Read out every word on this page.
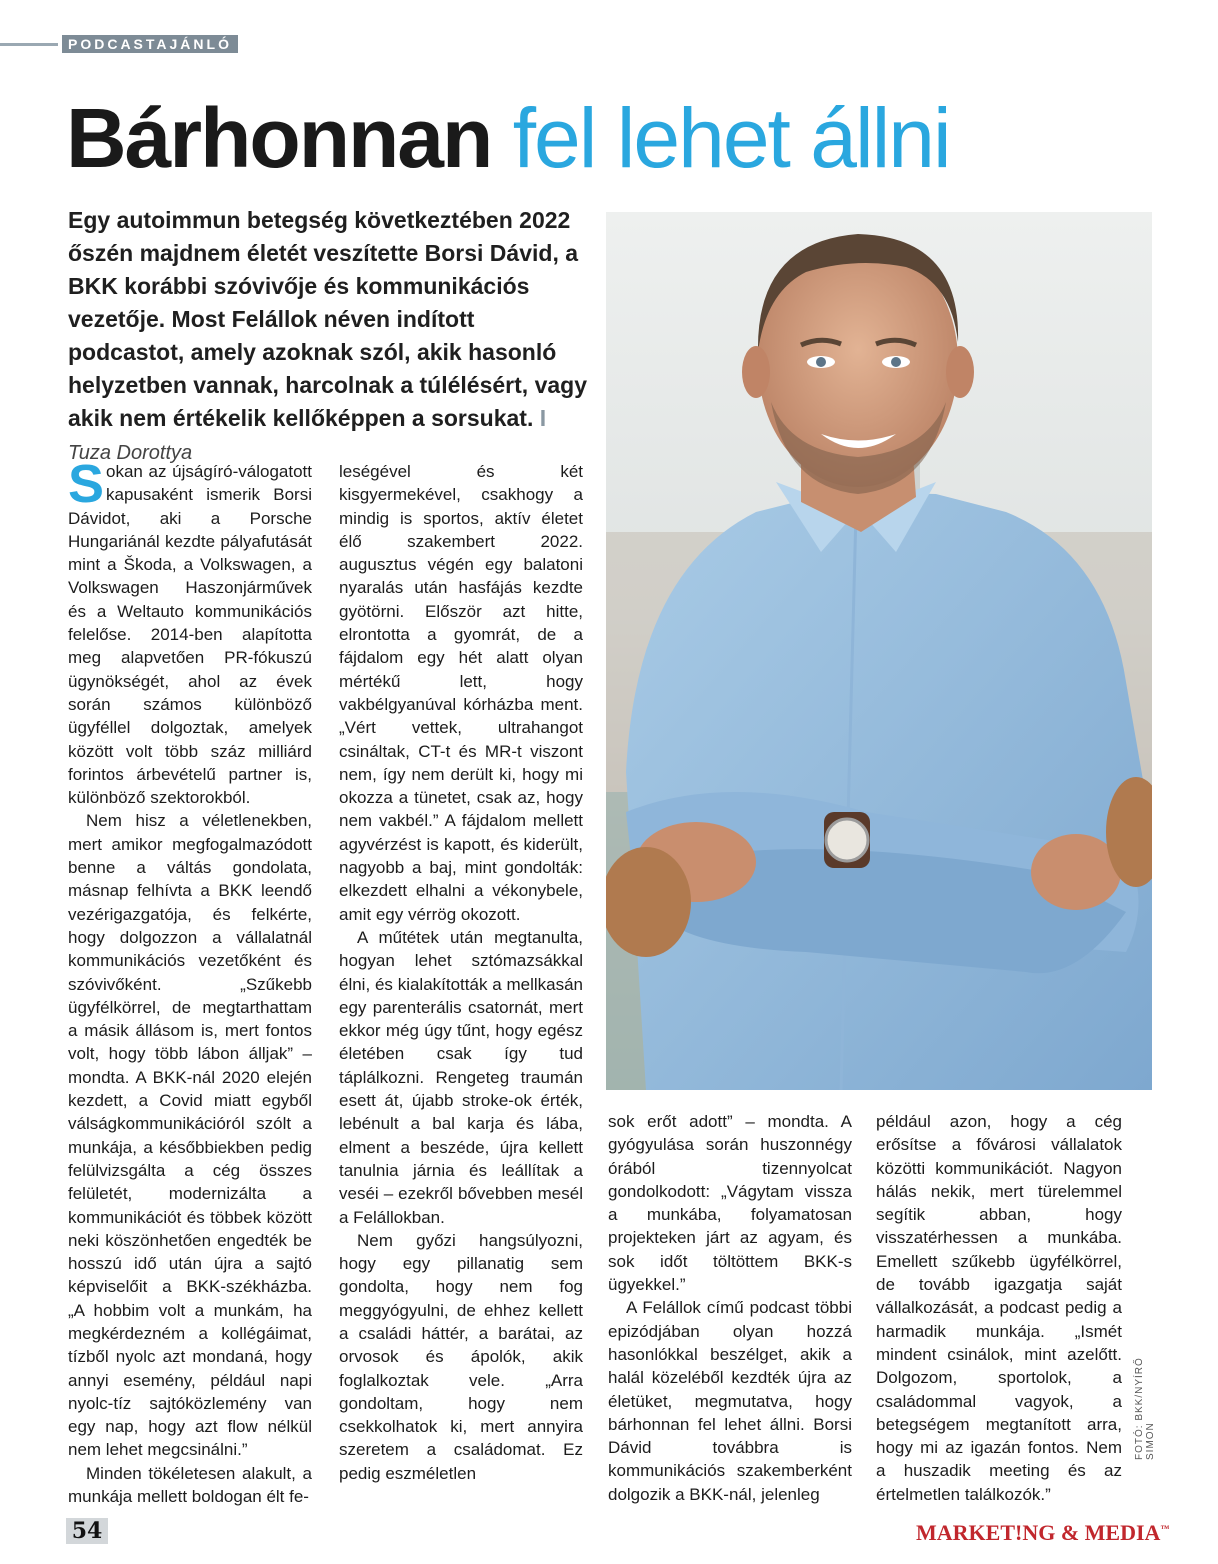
PODCASTAJÁNLÓ
Bárhonnan fel lehet állni
Egy autoimmun betegség következtében 2022 őszén majdnem életét veszítette Borsi Dávid, a BKK korábbi szóvivője és kommunikációs vezetője. Most Felállok néven indított podcastot, amely azoknak szól, akik hasonló helyzetben vannak, harcolnak a túlélésért, vagy akik nem értékelik kellőképpen a sorsukat. I Tuza Dorottya

Sokan az újságíró-válogatott kapusaként ismerik Borsi Dávidot, aki a Porsche Hungariánál kezdte pályafutását mint a Škoda, a Volkswagen, a Volkswagen Haszonjárművek és a Weltauto kommunikációs felelőse. 2014-ben alapította meg alapvetően PR-fókuszú ügynökségét, ahol az évek során számos különböző ügyféllel dolgoztak, amelyek között volt több száz milliárd forintos árbevételű partner is, különböző szektorokból.

Nem hisz a véletlenekben, mert amikor megfogalmazódott benne a váltás gondolata, másnap felhívta a BKK leendő vezérigazgatója, és felkérte, hogy dolgozzon a vállalatnál kommunikációs vezetőként és szóvivőként. „Szűkebb ügyfélkörrel, de megtarthattam a másik állásom is, mert fontos volt, hogy több lábon álljak” – mondta. A BKK-nál 2020 elején kezdett, a Covid miatt egyből válságkommunikációról szólt a munkája, a későbbiekben pedig felülvizsgálta a cég összes felületét, modernizálta a kommunikációt és többek között neki köszönhetően engedték be hosszú idő után újra a sajtó képviselőit a BKK-székházba. „A hobbim volt a munkám, ha megkérdezném a kollégáimat, tízből nyolc azt mondaná, hogy annyi esemény, például napi nyolc-tíz sajtóközlemény van egy nap, hogy azt flow nélkül nem lehet megcsinálni.”

Minden tökéletesen alakult, a munkája mellett boldogan élt fe-

leségével és két kisgyermekével, csakhogy a mindig is sportos, aktív életet élő szakembert 2022. augusztus végén egy balatoni nyaralás után hasfájás kezdte gyötörni. Először azt hitte, elrontotta a gyomrát, de a fájdalom egy hét alatt olyan mértékű lett, hogy vakbélgyanúval kórházba ment. „Vért vettek, ultrahangot csináltak, CT-t és MR-t viszont nem, így nem derült ki, hogy mi okozza a tünetet, csak az, hogy nem vakbél.” A fájdalom mellett agyvérzést is kapott, és kiderült, nagyobb a baj, mint gondolták: elkezdett elhalni a vékonybele, amit egy vérrög okozott.

A műtétek után megtanulta, hogyan lehet sztómazsákkal élni, és kialakították a mellkasán egy parenterális csatornát, mert ekkor még úgy tűnt, hogy egész életében csak így tud táplálkozni. Rengeteg traumán esett át, újabb stroke-ok érték, lebénult a bal karja és lába, elment a beszéde, újra kellett tanulnia járnia és leállítak a veséi – ezekről bővebben mesél a Felállokban.

Nem győzi hangsúlyozni, hogy egy pillanatig sem gondolta, hogy nem fog meggyógyulni, de ehhez kellett a családi háttér, a barátai, az orvosok és ápolók, akik foglalkoztak vele. „Arra gondoltam, hogy nem csekkolhatok ki, mert annyira szeretem a családomat. Ez pedig eszméletlen

sok erőt adott” – mondta. A gyógyulása során huszonnégy órából tizennyolcat gondolkodott: „Vágytam vissza a munkába, folyamatosan projekteken járt az agyam, és sok időt töltöttem BKK-s ügyekkel.”

A Felállok című podcast többi epizódjában olyan hozzá hasonlókkal beszélget, akik a halál közeléből kezdték újra az életüket, megmutatva, hogy bárhonnan fel lehet állni. Borsi Dávid továbbra is kommunikációs szakemberként dolgozik a BKK-nál, jelenleg

például azon, hogy a cég erősítse a fővárosi vállalatok közötti kommunikációt. Nagyon hálás nekik, mert türelemmel segítik abban, hogy visszatérhessen a munkába. Emellett szűkebb ügyfélkörrel, de tovább igazgatja saját vállalkozását, a podcast pedig a harmadik munkája. „Ismét mindent csinálok, mint azelőtt. Dolgozom, sportolok, a családommal vagyok, a betegségem megtanított arra, hogy mi az igazán fontos. Nem a huszadik meeting és az értelmetlen találkozók.”

FOTÓ: BKK/NYÍRŐ SIMON
54	MARKET!NG & MEDIA™
